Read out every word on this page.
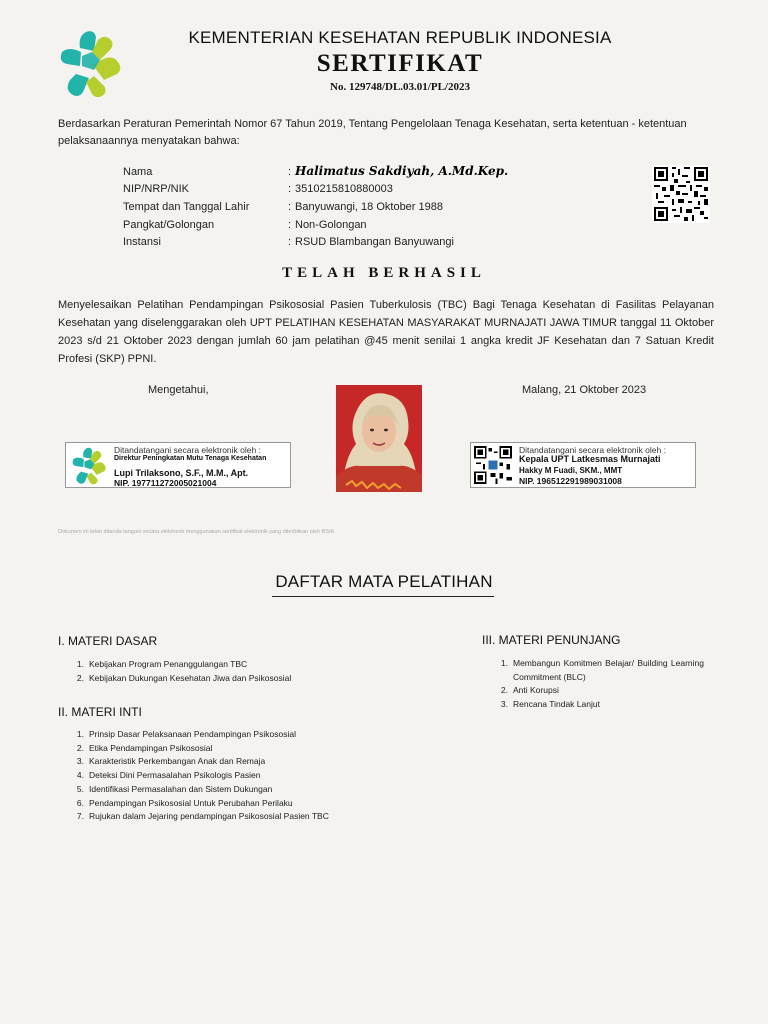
KEMENTERIAN KESEHATAN REPUBLIK INDONESIA
SERTIFIKAT
No. 129748/DL.03.01/PL/2023
Berdasarkan Peraturan Pemerintah Nomor 67 Tahun 2019, Tentang Pengelolaan Tenaga Kesehatan, serta ketentuan - ketentuan pelaksanaannya menyatakan bahwa:
Nama	: Halimatus Sakdiyah, A.Md.Kep.
NIP/NRP/NIK	: 3510215810880003
Tempat dan Tanggal Lahir	: Banyuwangi, 18 Oktober 1988
Pangkat/Golongan	: Non-Golongan
Instansi	: RSUD Blambangan Banyuwangi
TELAH BERHASIL
Menyelesaikan Pelatihan Pendampingan Psikososial Pasien Tuberkulosis (TBC) Bagi Tenaga Kesehatan di Fasilitas Pelayanan Kesehatan yang diselenggarakan oleh UPT PELATIHAN KESEHATAN MASYARAKAT MURNAJATI JAWA TIMUR tanggal 11 Oktober 2023 s/d 21 Oktober 2023 dengan jumlah 60 jam pelatihan @45 menit senilai 1 angka kredit JF Kesehatan dan 7 Satuan Kredit Profesi (SKP) PPNI.
Mengetahui,	Malang, 21 Oktober 2023
Ditandatangani secara elektronik oleh :
Direktur Peningkatan Mutu Tenaga Kesehatan
Lupi Trilaksono, S.F., M.M., Apt.
NIP. 197711272005021004
Ditandatangani secara elektronik oleh :
Kepala UPT Latkesmas Murnajati
Hakky M Fuadi, SKM., MMT
NIP. 196512291989031008
Dokumen ini telah ditanda tangani secara elektronik menggunakan sertifikat elektronik yang diterbitkan oleh BSrE
DAFTAR MATA PELATIHAN
I. MATERI DASAR
1. Kebijakan Program Penanggulangan TBC
2. Kebijakan Dukungan Kesehatan Jiwa dan Psikososial
II. MATERI INTI
1. Prinsip Dasar Pelaksanaan Pendampingan Psikososial
2. Etika Pendampingan Psikososial
3. Karakteristik Perkembangan Anak dan Remaja
4. Deteksi Dini Permasalahan Psikologis Pasien
5. Identifikasi Permasalahan dan Sistem Dukungan
6. Pendampingan Psikososial Untuk Perubahan Perilaku
7. Rujukan dalam Jejaring pendampingan Psikososial Pasien TBC
III. MATERI PENUNJANG
1. Membangun Komitmen Belajar/ Building Learning Commitment (BLC)
2. Anti Korupsi
3. Rencana Tindak Lanjut
